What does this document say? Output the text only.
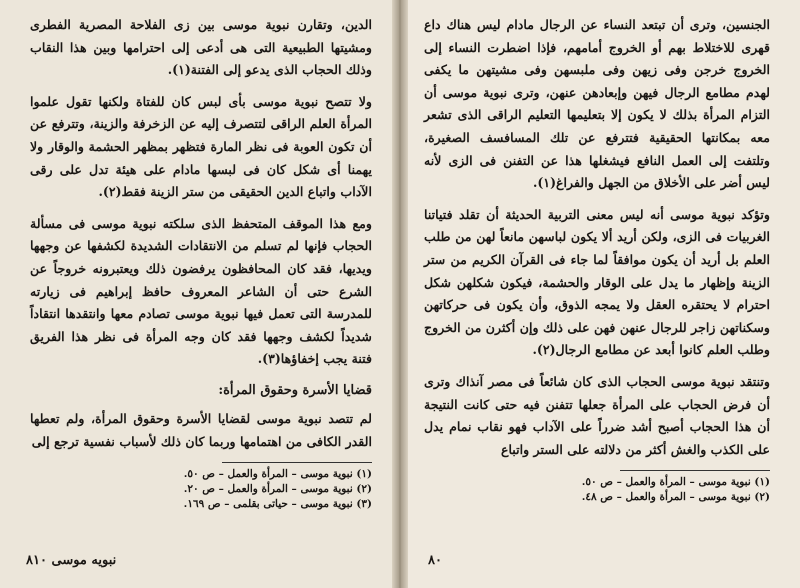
الدين، وتقارن نبوية موسى بين زى الفلاحة المصرية الفطرى ومشيتها الطبيعية التى هى أدعى إلى احترامها وبين هذا النقاب وذلك الحجاب الذى يدعو إلى الفتنة(١).

ولا تتصح نبوية موسى بأى لبس كان للفتاة ولكنها تقول علموا المرأة العلم الراقى لتتصرف إليه عن الزخرفة والزينة، وتترفع عن أن تكون العوبة فى نظر المارة فتظهر بمظهر الحشمة والوقار ولا يهمنا أى شكل كان فى لبسها مادام على هيئة تدل على رقى الآداب واتباع الدين الحقيقى من ستر الزينة فقط(٢).

ومع هذا الموقف المتحفظ الذى سلكته نبوية موسى فى مسألة الحجاب فإنها لم تسلم من الانتقادات الشديدة لكشفها عن وجهها ويديها، فقد كان المحافظون يرفضون ذلك ويعتبرونه خروجاً عن الشرع حتى أن الشاعر المعروف حافظ إبراهيم فى زيارته للمدرسة التى تعمل فيها نبوية موسى تصادم معها وانتقدها انتقاداً شديداً لكشف وجهها فقد كان وجه المرأة فى نظر هذا الفريق فتنة يجب إخفاؤها(٣).

قضايا الأسرة وحقوق المرأة:

لم تتصد نبوية موسى لقضايا الأسرة وحقوق المرأة، ولم تعطها القدر الكافى من اهتمامها وربما كان ذلك لأسباب نفسية ترجع إلى

(١) نبوية موسى – المرأة والعمل – ص ٥٠.

(٢) نبوية موسى – المرأة والعمل – ص ٢٠.

(٣) نبوية موسى – حياتى بقلمى – ص ١٦٩.

نبويه موسى ٨١٠

الجنسين، وترى أن تبتعد النساء عن الرجال مادام ليس هناك داع قهرى للاختلاط بهم أو الخروج أمامهم، فإذا اضطرت النساء إلى الخروج خرجن وفى زيهن وفى ملبسهن وفى مشيتهن ما يكفى لهدم مطامع الرجال فيهن وإبعادهن عنهن، وترى نبوية موسى أن التزام المرأة بذلك لا يكون إلا بتعليمها التعليم الراقى الذى تشعر معه بمكانتها الحقيقية فتترفع عن تلك المسافسف الصغيرة، وتلتفت إلى العمل النافع فيشغلها هذا عن التفنن فى الزى لأنه ليس أضر على الأخلاق من الجهل والفراغ(١).

وتؤكد نبوية موسى أنه ليس معنى التربية الحديثة أن تقلد فتياتنا الغربيات فى الزى، ولكن أريد ألا يكون لباسهن مانعاً لهن من طلب العلم بل أريد أن يكون موافقاً لما جاء فى القرآن الكريم من ستر الزينة وإظهار ما يدل على الوقار والحشمة، فيكون شكلهن شكل احترام لا يحتقره العقل ولا يمجه الذوق، وأن يكون فى حركاتهن وسكناتهن زاجر للرجال عنهن فهن على ذلك وإن أكثرن من الخروج وطلب العلم كانوا أبعد عن مطامع الرجال(٢).

وتنتقد نبوية موسى الحجاب الذى كان شائعاً فى مصر آنذاك وترى أن فرض الحجاب على المرأة جعلها تتفنن فيه حتى كانت النتيجة أن هذا الحجاب أصبح أشد ضرراً على الآداب فهو نقاب نمام يدل على الكذب والغش أكثر من دلالته على الستر واتباع

(١) نبوية موسى – المرأة والعمل – ص ٥٠.

(٢) نبوية موسى – المرأة والعمل – ص ٤٨.

٨٠
